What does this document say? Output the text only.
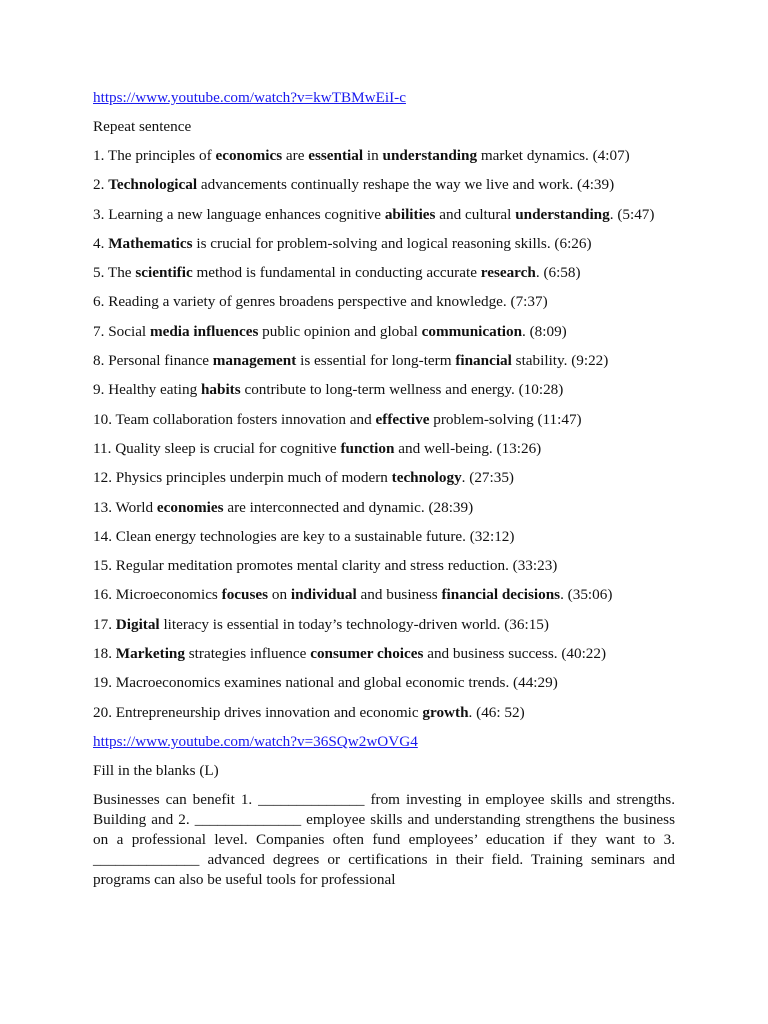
https://www.youtube.com/watch?v=kwTBMwEiI-c
Repeat sentence

1. The principles of economics are essential in understanding market dynamics. (4:07)

2. Technological advancements continually reshape the way we live and work. (4:39)

3. Learning a new language enhances cognitive abilities and cultural understanding. (5:47)

4. Mathematics is crucial for problem-solving and logical reasoning skills. (6:26)

5. The scientific method is fundamental in conducting accurate research. (6:58)

6. Reading a variety of genres broadens perspective and knowledge. (7:37)

7. Social media influences public opinion and global communication. (8:09)

8. Personal finance management is essential for long-term financial stability. (9:22)

9. Healthy eating habits contribute to long-term wellness and energy. (10:28)

10. Team collaboration fosters innovation and effective problem-solving (11:47)

11. Quality sleep is crucial for cognitive function and well-being. (13:26)

12. Physics principles underpin much of modern technology. (27:35)

13. World economies are interconnected and dynamic. (28:39)

14. Clean energy technologies are key to a sustainable future. (32:12)

15. Regular meditation promotes mental clarity and stress reduction. (33:23)

16. Microeconomics focuses on individual and business financial decisions. (35:06)

17. Digital literacy is essential in today’s technology-driven world. (36:15)

18. Marketing strategies influence consumer choices and business success. (40:22)

19. Macroeconomics examines national and global economic trends. (44:29)

20. Entrepreneurship drives innovation and economic growth. (46: 52)

https://www.youtube.com/watch?v=36SQw2wOVG4
Fill in the blanks (L)

Businesses can benefit 1. ______________ from investing in employee skills and strengths. Building and 2. ______________ employee skills and understanding strengthens the business on a professional level. Companies often fund employees’ education if they want to 3. ______________ advanced degrees or certifications in their field. Training seminars and programs can also be useful tools for professional
